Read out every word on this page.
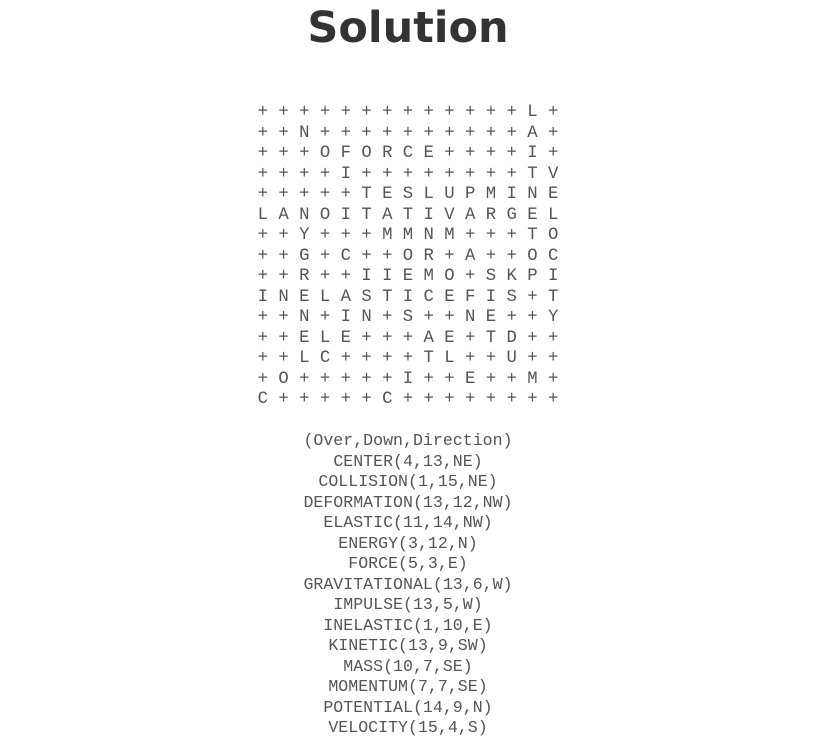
Solution
+ + + + + + + + + + + + + L +
+ + N + + + + + + + + + + A +
+ + + O F O R C E + + + + I +
+ + + + I + + + + + + + + T V
+ + + + + T E S L U P M I N E
L A N O I T A T I V A R G E L
+ + Y + + + M M N M + + + T O
+ + G + C + + O R + A + + O C
+ + R + + I I E M O + S K P I
I N E L A S T I C E F I S + T
+ + N + I N + S + + N E + + Y
+ + E L E + + + A E + T D + +
+ + L C + + + + T L + + U + +
+ O + + + + + I + + E + + M +
C + + + + + C + + + + + + + +
(Over,Down,Direction)
CENTER(4,13,NE)
COLLISION(1,15,NE)
DEFORMATION(13,12,NW)
ELASTIC(11,14,NW)
ENERGY(3,12,N)
FORCE(5,3,E)
GRAVITATIONAL(13,6,W)
IMPULSE(13,5,W)
INELASTIC(1,10,E)
KINETIC(13,9,SW)
MASS(10,7,SE)
MOMENTUM(7,7,SE)
POTENTIAL(14,9,N)
VELOCITY(15,4,S)
